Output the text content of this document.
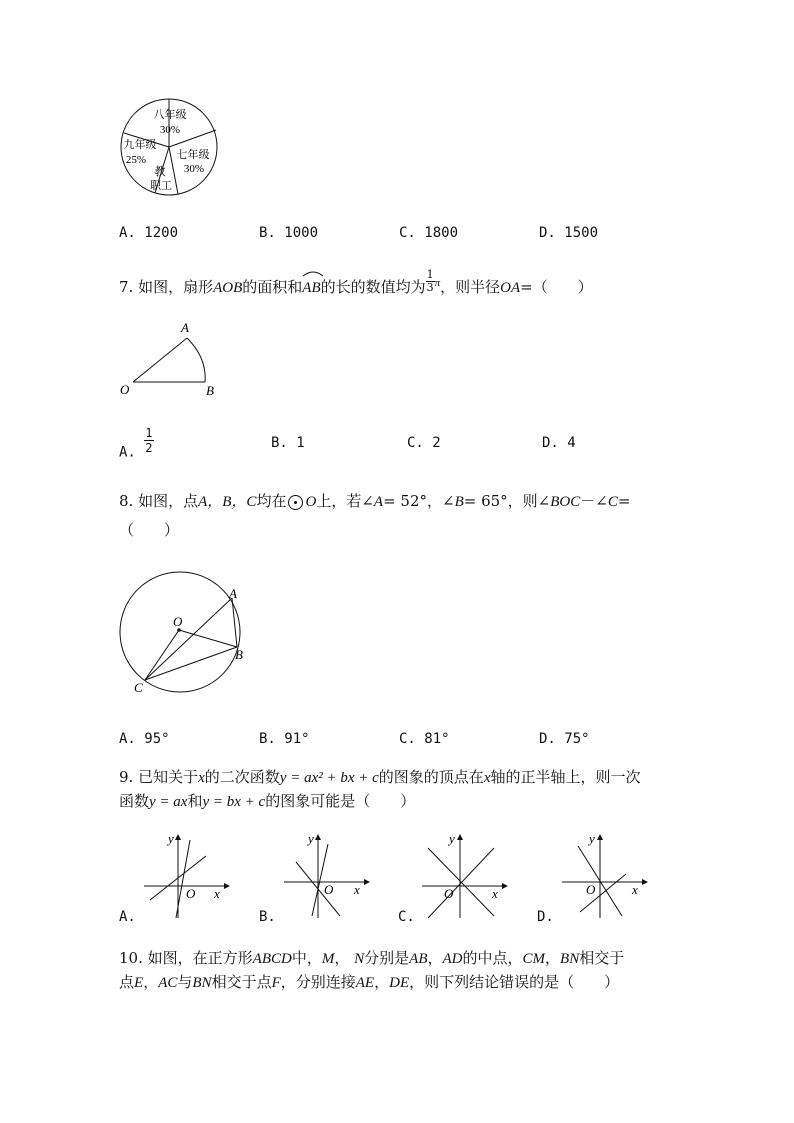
八年级
30%
九年级
25%	七年级
30%
教
职工
A. 1200	B. 1000	C. 1800	D. 1500
7. 如图，扇形AOB的面积和
AB的长的数值均为 $\frac{1}{3} ^\pi$，则半径OA=（　　）
A
O	B
A. $\frac{1}{2}$	B. 1	C. 2	D. 4
8. 如图，点A，B，C均在 O上，若∠A= 52°，∠B= 65°，则∠BOC－∠C=
（　　）
A
O
B
C
A. 95°	B. 91°	C. 81°	D. 75°
9. 已知关于x的二次函数y = ax² + bx + c的图象的顶点在x轴的正半轴上，则一次
函数y = ax和y = bx + c的图象可能是（　　）
y
O x
A.
y
O x
B.
y
O	x
C.
y
O	x
D.
10. 如图，在正方形ABCD中，M， N分别是AB，AD的中点，CM，BN相交于
点E，AC与BN相交于点F，分别连接AE，DE，则下列结论错误的是（　　）
